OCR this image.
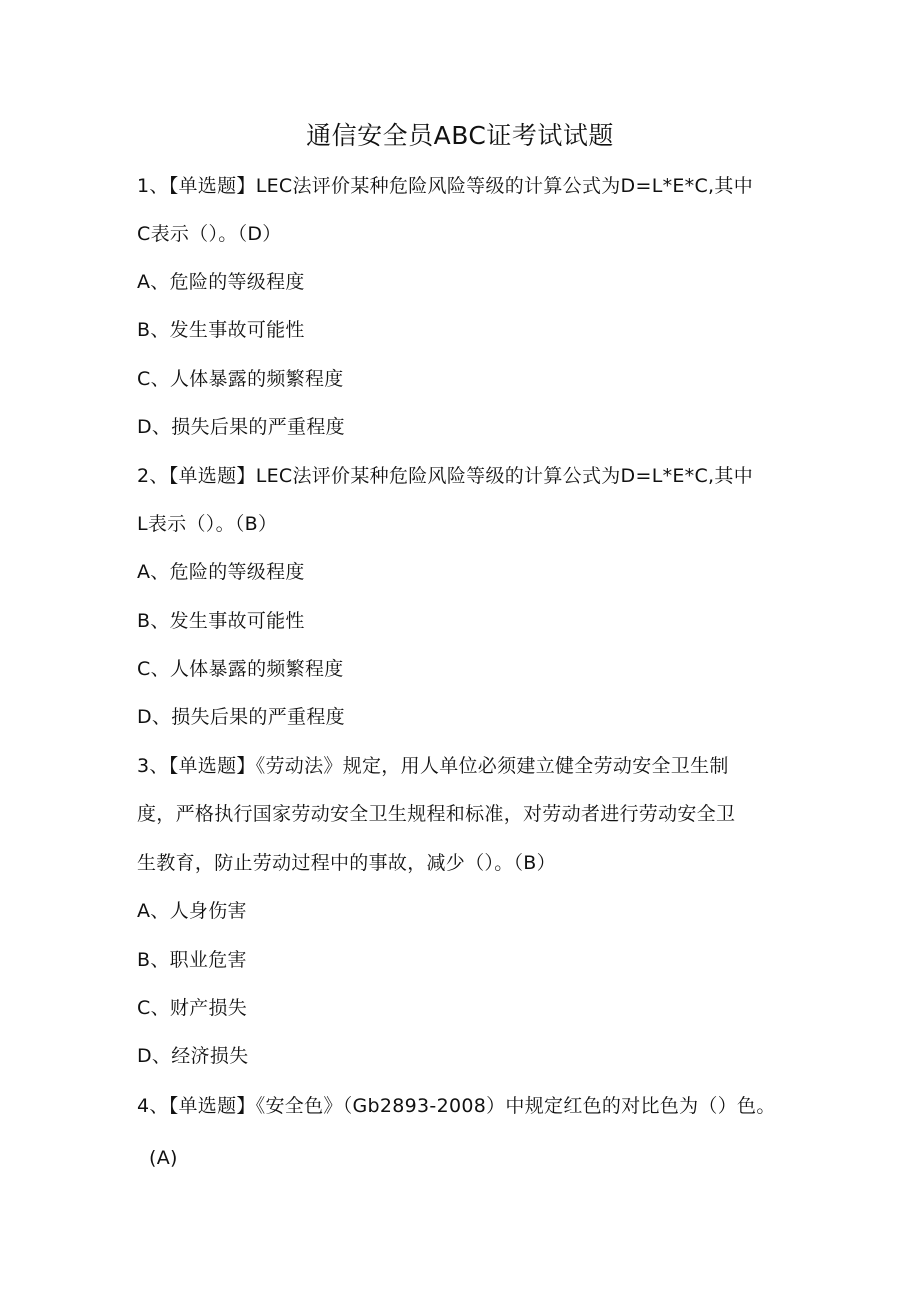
通信安全员ABC证考试试题
1、【单选题】LEC法评价某种危险风险等级的计算公式为D=L*E*C,其中
C表示（）。（D）
A、危险的等级程度
B、发生事故可能性
C、人体暴露的频繁程度
D、损失后果的严重程度
2、【单选题】LEC法评价某种危险风险等级的计算公式为D=L*E*C,其中
L表示（）。（B）
A、危险的等级程度
B、发生事故可能性
C、人体暴露的频繁程度
D、损失后果的严重程度
3、【单选题】《劳动法》规定，用人单位必须建立健全劳动安全卫生制
度，严格执行国家劳动安全卫生规程和标准，对劳动者进行劳动安全卫
生教育，防止劳动过程中的事故，减少（）。（B）
A、人身伤害
B、职业危害
C、财产损失
D、经济损失
4、【单选题】《安全色》（Gb2893-2008）中规定红色的对比色为（）色。
(A)
